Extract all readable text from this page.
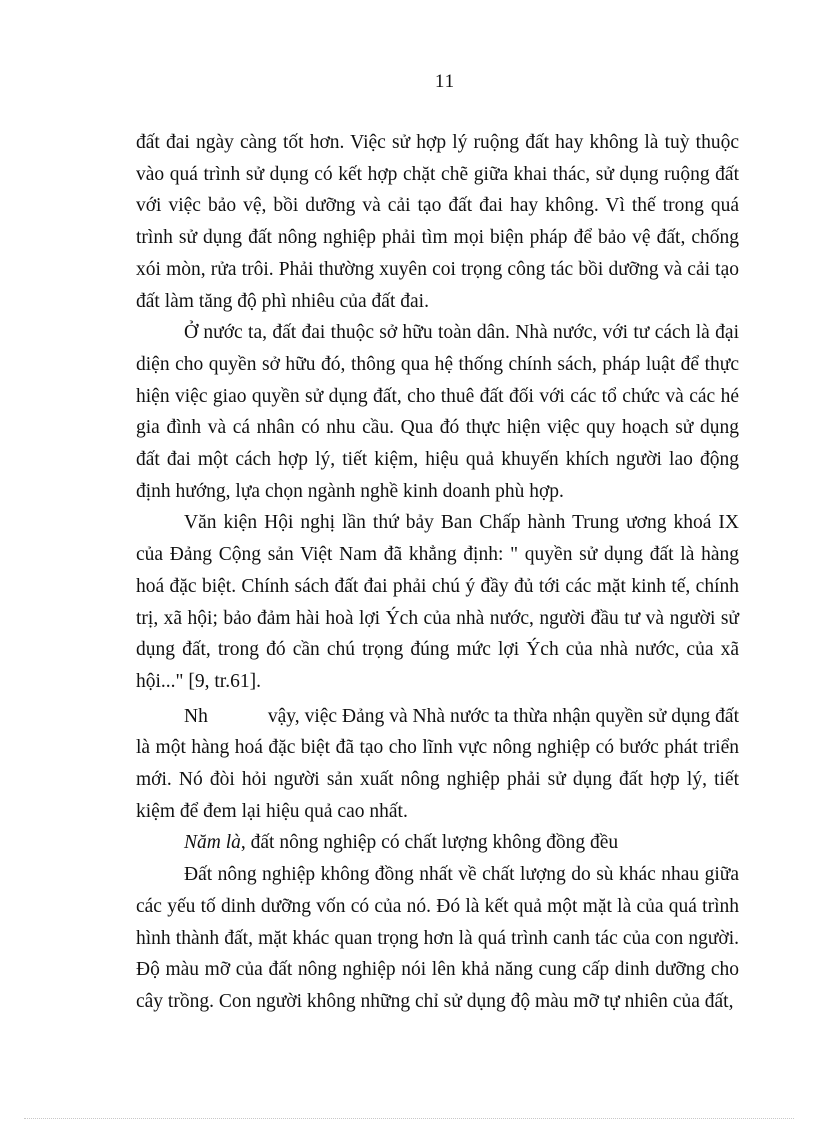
11

đất đai ngày càng tốt hơn. Việc sử hợp lý ruộng đất hay không là tuỳ thuộc vào quá trình sử dụng có kết hợp chặt chẽ giữa khai thác, sử dụng ruộng đất với việc bảo vệ, bồi dưỡng và cải tạo đất đai hay không. Vì thế trong quá trình sử dụng đất nông nghiệp phải tìm mọi biện pháp để bảo vệ đất, chống xói mòn, rửa trôi. Phải thường xuyên coi trọng công tác bồi dưỡng và cải tạo đất làm tăng độ phì nhiêu của đất đai.

Ở nước ta, đất đai thuộc sở hữu toàn dân. Nhà nước, với tư cách là đại diện cho quyền sở hữu đó, thông qua hệ thống chính sách, pháp luật để thực hiện việc giao quyền sử dụng đất, cho thuê đất đối với các tổ chức và các hé gia đình và cá nhân có nhu cầu. Qua đó thực hiện việc quy hoạch sử dụng đất đai một cách hợp lý, tiết kiệm, hiệu quả khuyến khích người lao động định hướng, lựa chọn ngành nghề kinh doanh phù hợp.

Văn kiện Hội nghị lần thứ bảy Ban Chấp hành Trung ương khoá IX của Đảng Cộng sản Việt Nam đã khẳng định: " quyền sử dụng đất là hàng hoá đặc biệt. Chính sách đất đai phải chú ý đầy đủ tới các mặt kinh tế, chính trị, xã hội; bảo đảm hài hoà lợi Ých của nhà nước, người đầu tư và người sử dụng đất, trong đó cần chú trọng đúng mức lợi Ých của nhà nước, của xã hội..." [9, tr.61].

Nh	vậy, việc Đảng và Nhà nước ta thừa nhận quyền sử dụng đất là một hàng hoá đặc biệt đã tạo cho lĩnh vực nông nghiệp có bước phát triển mới. Nó đòi hỏi người sản xuất nông nghiệp phải sử dụng đất hợp lý, tiết kiệm để đem lại hiệu quả cao nhất.

Năm là, đất nông nghiệp có chất lượng không đồng đều

Đất nông nghiệp không đồng nhất về chất lượng do sù khác nhau giữa các yếu tố dinh dưỡng vốn có của nó. Đó là kết quả một mặt là của quá trình hình thành đất, mặt khác quan trọng hơn là quá trình canh tác của con người. Độ màu mỡ của đất nông nghiệp nói lên khả năng cung cấp dinh dưỡng cho cây trồng. Con người không những chỉ sử dụng độ màu mỡ tự nhiên của đất,
